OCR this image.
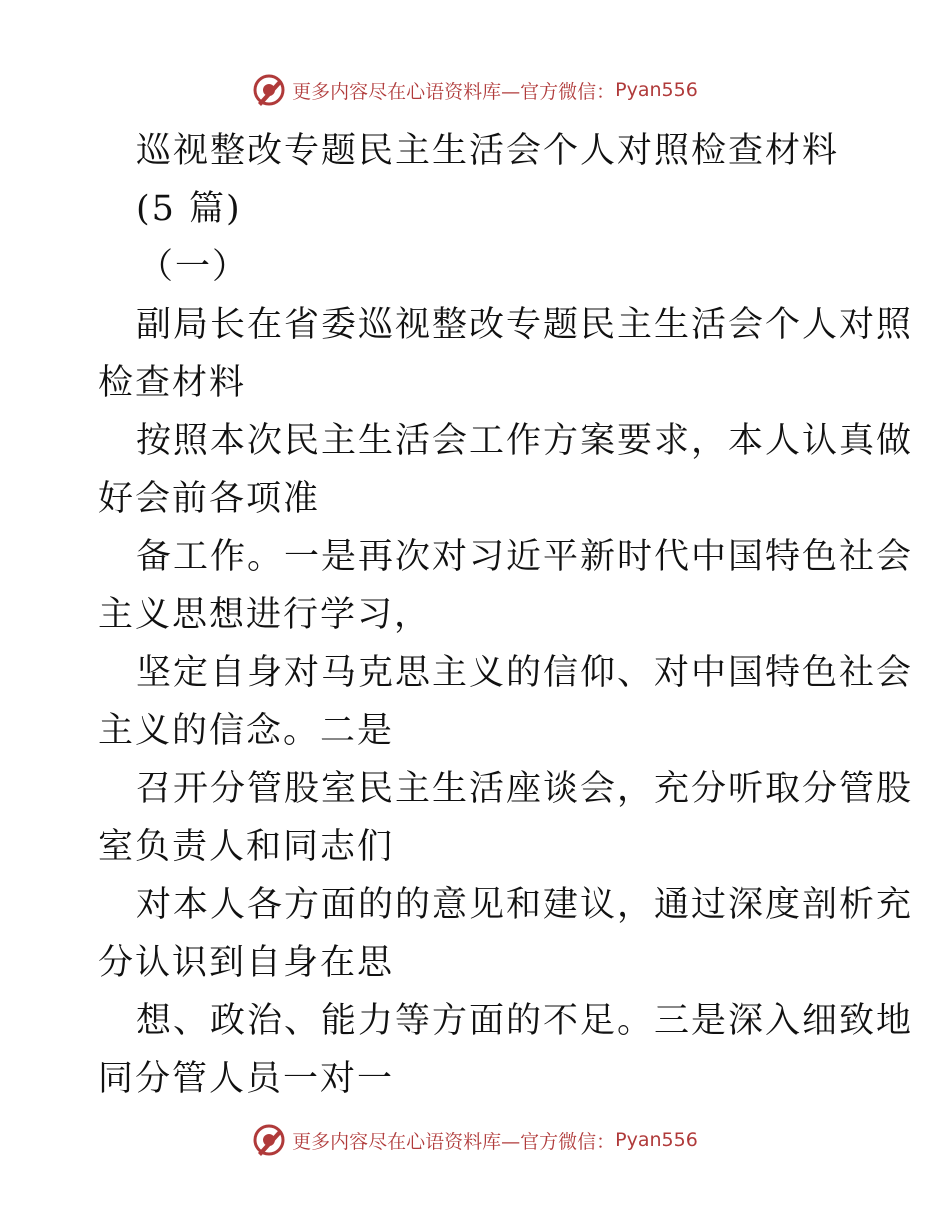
更多内容尽在心语资料库—官方微信： Pyan556
巡视整改专题民主生活会个人对照检查材料
(5 篇)
（一）
副局长在省委巡视整改专题民主生活会个人对照
检查材料
按照本次民主生活会工作方案要求，本人认真做
好会前各项准
备工作。一是再次对习近平新时代中国特色社会
主义思想进行学习，
坚定自身对马克思主义的信仰、对中国特色社会
主义的信念。二是
召开分管股室民主生活座谈会，充分听取分管股
室负责人和同志们
对本人各方面的的意见和建议，通过深度剖析充
分认识到自身在思
想、政治、能力等方面的不足。三是深入细致地
同分管人员一对一
更多内容尽在心语资料库—官方微信： Pyan556
